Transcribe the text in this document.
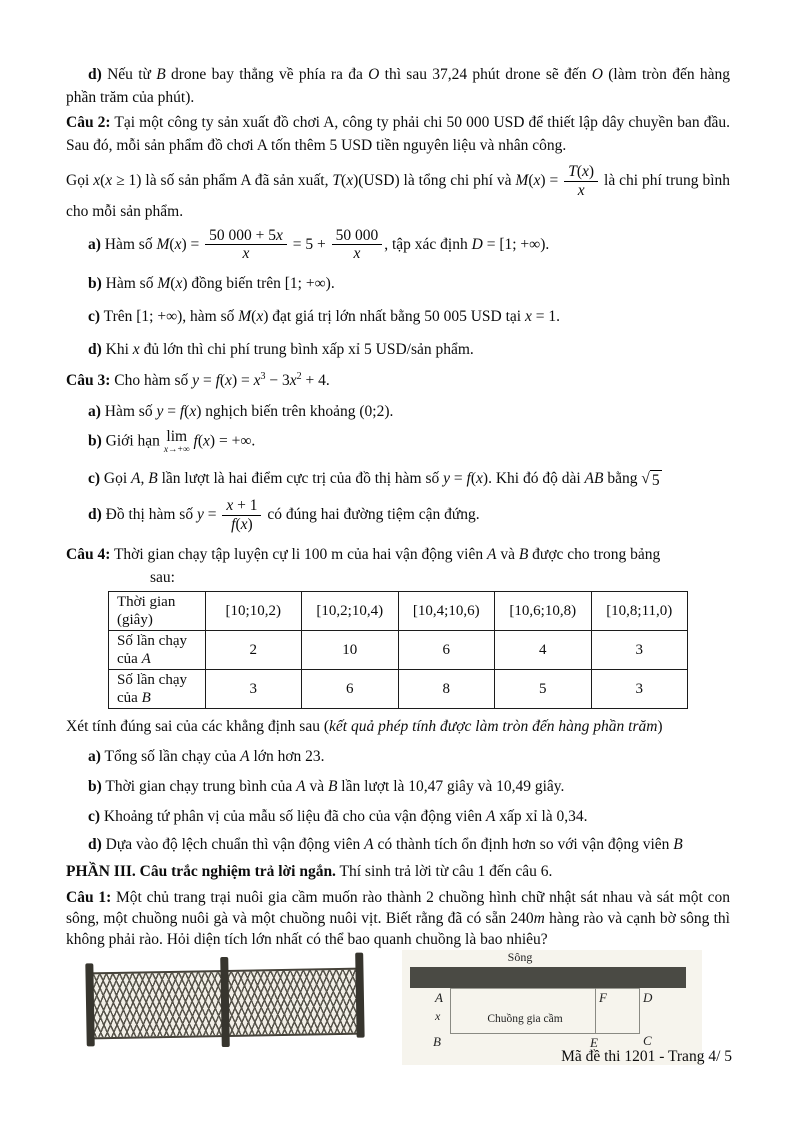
d) Nếu từ B drone bay thẳng về phía ra đa O thì sau 37,24 phút drone sẽ đến O (làm tròn đến hàng phần trăm của phút).

Câu 2: Tại một công ty sản xuất đồ chơi A, công ty phải chi 50 000 USD để thiết lập dây chuyền ban đầu. Sau đó, mỗi sản phẩm đồ chơi A tốn thêm 5 USD tiền nguyên liệu và nhân công.

Gọi x(x ≥ 1) là số sản phẩm A đã sản xuất, T(x)(USD) là tổng chi phí và $M(x) = \frac{T(x)}{x}$ là chi phí trung bình cho mỗi sản phẩm.

a) Hàm số $M(x) = \frac{50 000 + 5x}{x} = 5 + \frac{50 000}{x}$ , tập xác định D = [1; +∞).

b) Hàm số M(x) đồng biến trên [1; +∞).

c) Trên [1; +∞), hàm số M(x) đạt giá trị lớn nhất bằng 50 005 USD tại x = 1.

d) Khi x đủ lớn thì chi phí trung bình xấp xỉ 5 USD/sản phẩm.

Câu 3: Cho hàm số $y = f(x) = x^3 - 3x^2 + 4$.

a) Hàm số y = f(x) nghịch biến trên khoảng (0;2).

b) Giới hạn lim
x→+∞ f(x) = +∞.

c) Gọi A, B lần lượt là hai điểm cực trị của đồ thị hàm số y = f(x). Khi đó độ dài AB bằng √ 5

d) Đồ thị hàm số $y = \frac{x + 1}{f(x)}$ có đúng hai đường tiệm cận đứng.

Câu 4: Thời gian chạy tập luyện cự li 100 m của hai vận động viên A và B được cho trong bảng

sau:
Thời gian (giây)	[10;10,2)	[10,2;10,4)	[10,4;10,6)	[10,6;10,8)	[10,8;11,0)
Số lần chạy của A	2	10	6	4	3
Số lần chạy của B	3	6	8	5	3

Xét tính đúng sai của các khẳng định sau (kết quả phép tính được làm tròn đến hàng phần trăm)

a) Tổng số lần chạy của A lớn hơn 23.

b) Thời gian chạy trung bình của A và B lần lượt là 10,47 giây và 10,49 giây.

c) Khoảng tứ phân vị của mẫu số liệu đã cho của vận động viên A xấp xỉ là 0,34.

d) Dựa vào độ lệch chuẩn thì vận động viên A có thành tích ổn định hơn so với vận động viên B

PHẦN III. Câu trắc nghiệm trả lời ngắn. Thí sinh trả lời từ câu 1 đến câu 6.

Câu 1: Một chủ trang trại nuôi gia cầm muốn rào thành 2 chuồng hình chữ nhật sát nhau và sát một con sông, một chuồng nuôi gà và một chuồng nuôi vịt. Biết rằng đã có sẵn 240m hàng rào và cạnh bờ sông thì không phải rào. Hỏi diện tích lớn nhất có thể bao quanh chuồng là bao nhiêu?

Sông
A
x
B
F	D
E	C
Chuồng gia cầm
Mã đề thi 1201 - Trang 4/ 5
